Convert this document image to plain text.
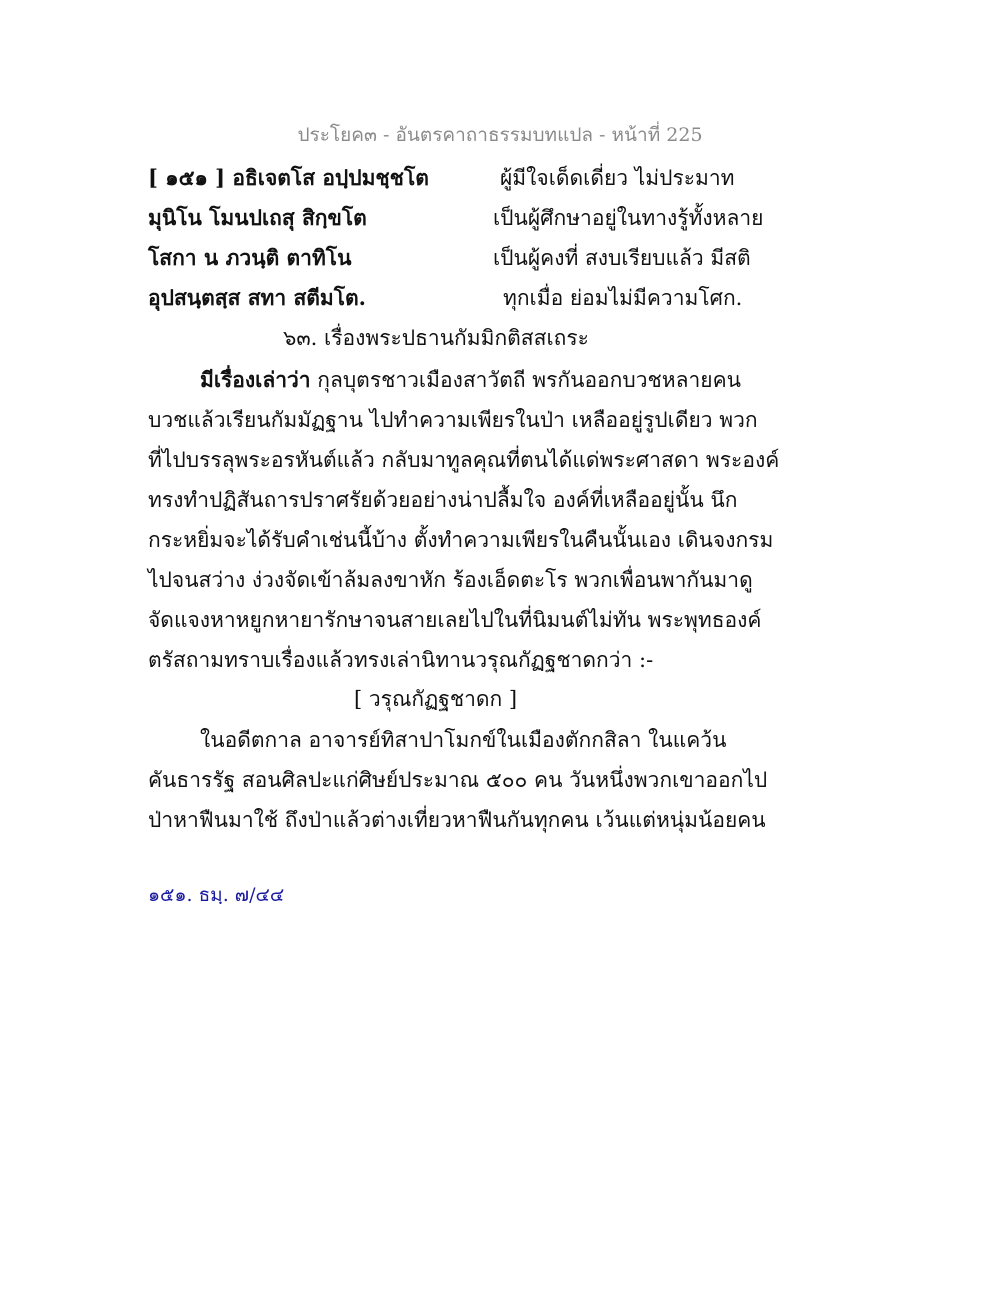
ประโยค๓ - อันตรคาถาธรรมบทแปล - หน้าที่ 225
[ ๑๕๑ ] อธิเจตโส อปฺปมชฺชโต	ผู้มีใจเด็ดเดี่ยว ไม่ประมาท
มุนิโน โมนปเถสุ สิกฺขโต	เป็นผู้ศึกษาอยู่ในทางรู้ทั้งหลาย
โสกา น ภวนฺติ ตาทิโน	เป็นผู้คงที่ สงบเรียบแล้ว มีสติ
อุปสนฺตสฺส สทา สตีมโต.	ทุกเมื่อ ย่อมไม่มีความโศก.
๖๓. เรื่องพระปธานกัมมิกติสสเถระ
มีเรื่องเล่าว่า กุลบุตรชาวเมืองสาวัตถี พรกันออกบวชหลายคน
บวชแล้วเรียนกัมมัฏฐาน ไปทำความเพียรในป่า เหลืออยู่รูปเดียว พวก
ที่ไปบรรลุพระอรหันต์แล้ว กลับมาทูลคุณที่ตนได้แด่พระศาสดา พระองค์
ทรงทำปฏิสันถารปราศรัยด้วยอย่างน่าปลื้มใจ องค์ที่เหลืออยู่นั้น นึก
กระหยิ่มจะได้รับคำเช่นนี้บ้าง ตั้งทำความเพียรในคืนนั้นเอง เดินจงกรม
ไปจนสว่าง ง่วงจัดเข้าล้มลงขาหัก ร้องเอ็ดตะโร พวกเพื่อนพากันมาดู
จัดแจงหาหยูกหายารักษาจนสายเลยไปในที่นิมนต์ไม่ทัน พระพุทธองค์
ตรัสถามทราบเรื่องแล้วทรงเล่านิทานวรุณกัฏฐชาดกว่า :-
[ วรุณกัฏฐชาดก ]
ในอดีตกาล อาจารย์ทิสาปาโมกข์ในเมืองตักกสิลา ในแคว้น
คันธารรัฐ สอนศิลปะแก่ศิษย์ประมาณ ๕๐๐ คน วันหนึ่งพวกเขาออกไป
ป่าหาฟืนมาใช้ ถึงป่าแล้วต่างเที่ยวหาฟืนกันทุกคน เว้นแต่หนุ่มน้อยคน
๑๕๑. ธมฺ. ๗/๔๔
